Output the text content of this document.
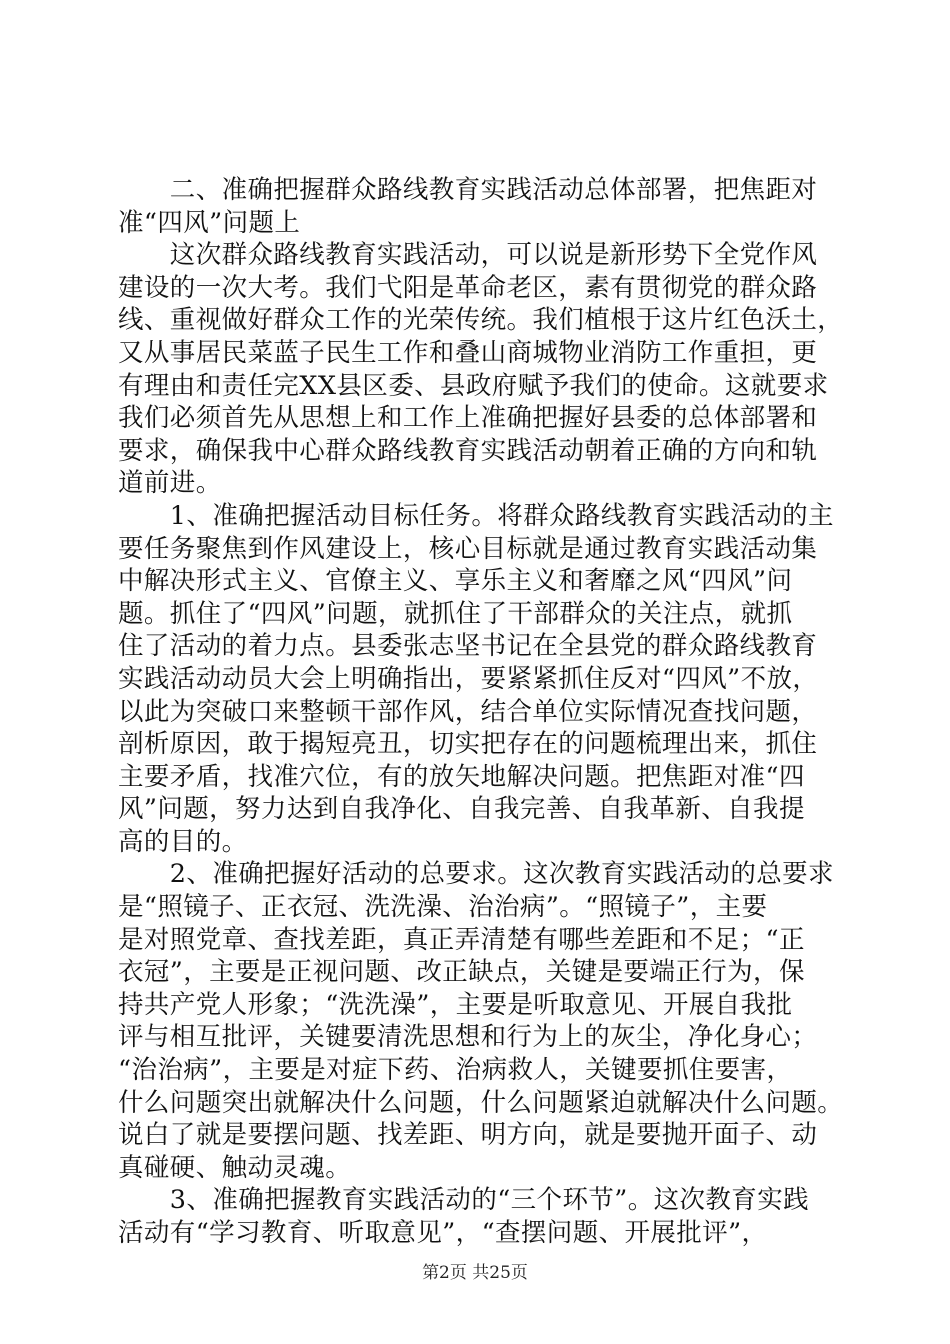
　　二、准确把握群众路线教育实践活动总体部署，把焦距对
准“四风”问题上
　　这次群众路线教育实践活动，可以说是新形势下全党作风
建设的一次大考。我们弋阳是革命老区，素有贯彻党的群众路
线、重视做好群众工作的光荣传统。我们植根于这片红色沃土，
又从事居民菜蓝子民生工作和叠山商城物业消防工作重担，更
有理由和责任完XX县区委、县政府赋予我们的使命。这就要求
我们必须首先从思想上和工作上准确把握好县委的总体部署和
要求，确保我中心群众路线教育实践活动朝着正确的方向和轨
道前进。
　　1、准确把握活动目标任务。将群众路线教育实践活动的主
要任务聚焦到作风建设上，核心目标就是通过教育实践活动集
中解决形式主义、官僚主义、享乐主义和奢靡之风“四风”问
题。抓住了“四风”问题，就抓住了干部群众的关注点，就抓
住了活动的着力点。县委张志坚书记在全县党的群众路线教育
实践活动动员大会上明确指出，要紧紧抓住反对“四风”不放，
以此为突破口来整顿干部作风，结合单位实际情况查找问题，
剖析原因，敢于揭短亮丑，切实把存在的问题梳理出来，抓住
主要矛盾，找准穴位，有的放矢地解决问题。把焦距对准“四
风”问题，努力达到自我净化、自我完善、自我革新、自我提
高的目的。
　　2、准确把握好活动的总要求。这次教育实践活动的总要求
是“照镜子、正衣冠、洗洗澡、治治病”。“照镜子”，主要
是对照党章、查找差距，真正弄清楚有哪些差距和不足；“正
衣冠”，主要是正视问题、改正缺点，关键是要端正行为，保
持共产党人形象；“洗洗澡”，主要是听取意见、开展自我批
评与相互批评，关键要清洗思想和行为上的灰尘，净化身心；
“治治病”，主要是对症下药、治病救人，关键要抓住要害，
什么问题突出就解决什么问题，什么问题紧迫就解决什么问题。
说白了就是要摆问题、找差距、明方向，就是要抛开面子、动
真碰硬、触动灵魂。
　　3、准确把握教育实践活动的“三个环节”。这次教育实践
活动有“学习教育、听取意见”，“查摆问题、开展批评”，
第2页 共25页
